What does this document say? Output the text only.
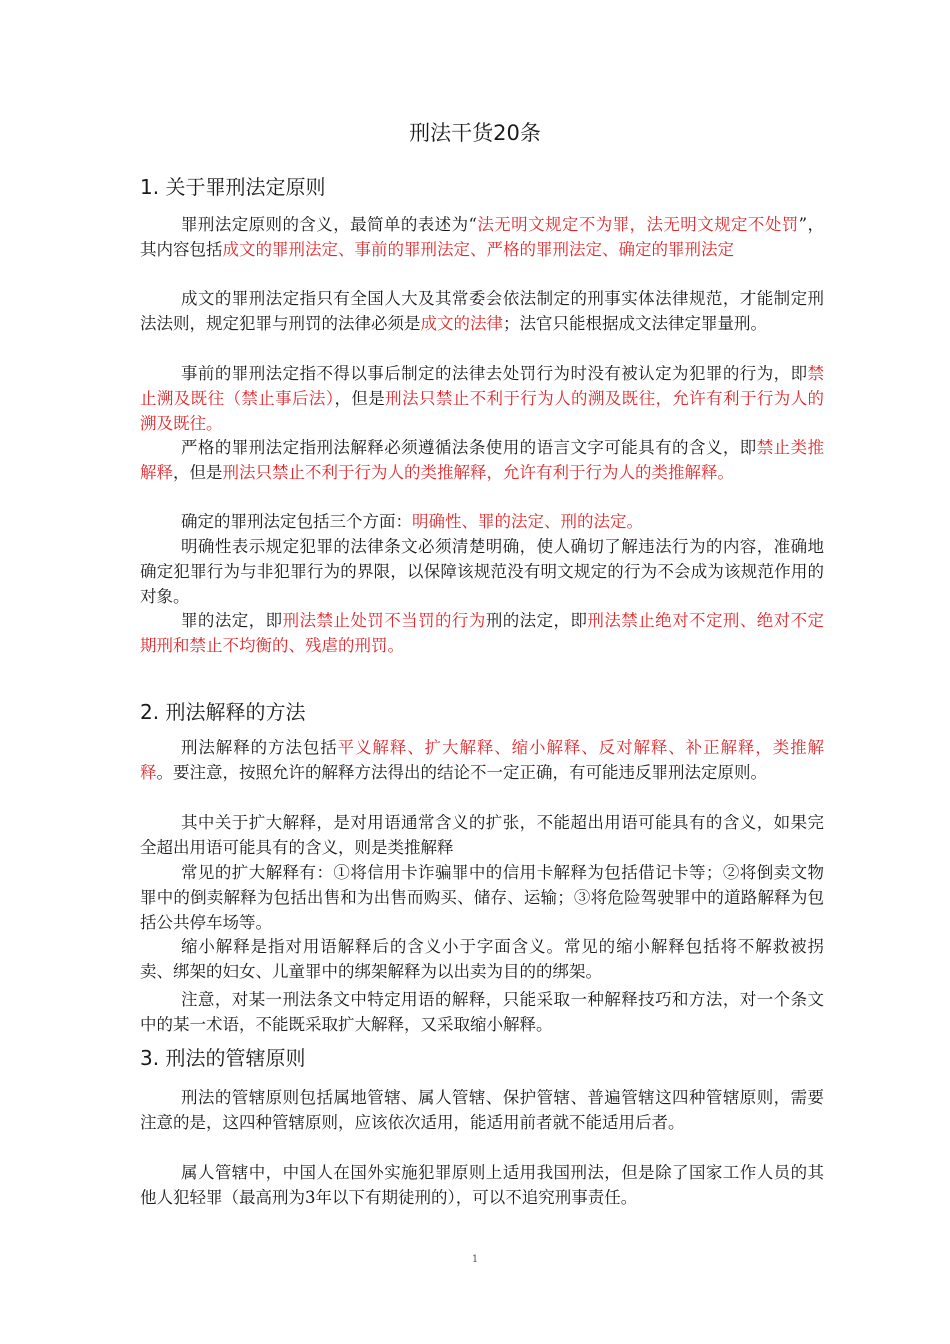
刑法干货20条
1. 关于罪刑法定原则

罪刑法定原则的含义，最简单的表述为“法无明文规定不为罪，法无明文规定不处罚”，其内容包括成文的罪刑法定、事前的罪刑法定、严格的罪刑法定、确定的罪刑法定

成文的罪刑法定指只有全国人大及其常委会依法制定的刑事实体法律规范，才能制定刑法法则，规定犯罪与刑罚的法律必须是成文的法律；法官只能根据成文法律定罪量刑。

事前的罪刑法定指不得以事后制定的法律去处罚行为时没有被认定为犯罪的行为，即禁止溯及既往（禁止事后法），但是刑法只禁止不利于行为人的溯及既往，允许有利于行为人的溯及既往。

严格的罪刑法定指刑法解释必须遵循法条使用的语言文字可能具有的含义，即禁止类推解释，但是刑法只禁止不利于行为人的类推解释，允许有利于行为人的类推解释。

确定的罪刑法定包括三个方面：明确性、罪的法定、刑的法定。

明确性表示规定犯罪的法律条文必须清楚明确，使人确切了解违法行为的内容，准确地确定犯罪行为与非犯罪行为的界限，以保障该规范没有明文规定的行为不会成为该规范作用的对象。

罪的法定，即刑法禁止处罚不当罚的行为刑的法定，即刑法禁止绝对不定刑、绝对不定期刑和禁止不均衡的、残虐的刑罚。

2. 刑法解释的方法

刑法解释的方法包括平义解释、扩大解释、缩小解释、反对解释、补正解释，类推解释。要注意，按照允许的解释方法得出的结论不一定正确，有可能违反罪刑法定原则。

其中关于扩大解释，是对用语通常含义的扩张，不能超出用语可能具有的含义，如果完全超出用语可能具有的含义，则是类推解释

常见的扩大解释有：①将信用卡诈骗罪中的信用卡解释为包括借记卡等；②将倒卖文物罪中的倒卖解释为包括出售和为出售而购买、储存、运输；③将危险驾驶罪中的道路解释为包括公共停车场等。

缩小解释是指对用语解释后的含义小于字面含义。常见的缩小解释包括将不解救被拐卖、绑架的妇女、儿童罪中的绑架解释为以出卖为目的的绑架。

注意，对某一刑法条文中特定用语的解释，只能采取一种解释技巧和方法，对一个条文中的某一术语，不能既采取扩大解释，又采取缩小解释。

3. 刑法的管辖原则

刑法的管辖原则包括属地管辖、属人管辖、保护管辖、普遍管辖这四种管辖原则，需要注意的是，这四种管辖原则，应该依次适用，能适用前者就不能适用后者。

属人管辖中，中国人在国外实施犯罪原则上适用我国刑法，但是除了国家工作人员的其他人犯轻罪（最高刑为3年以下有期徒刑的），可以不追究刑事责任。

1
